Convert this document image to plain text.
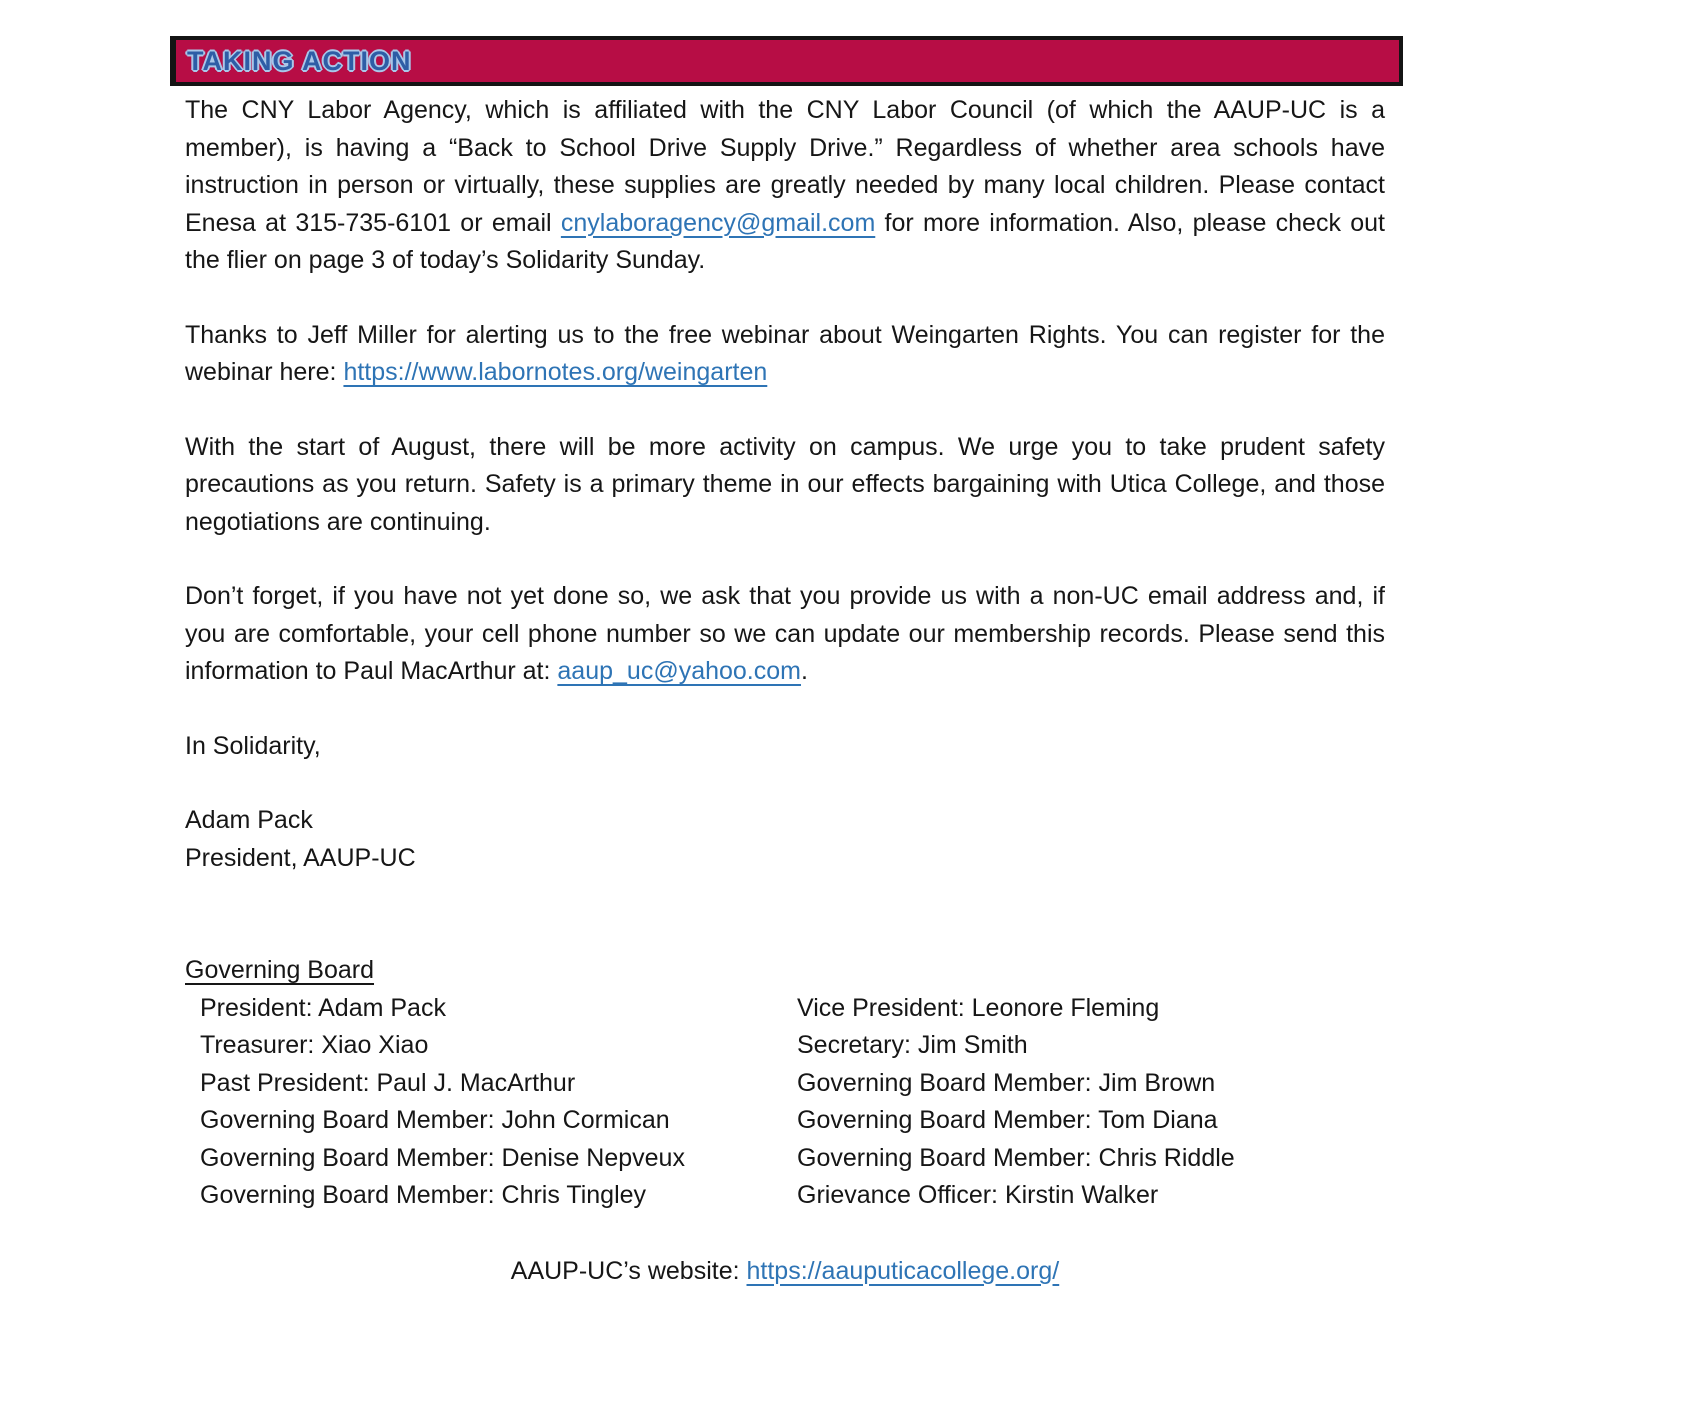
TAKING ACTION

The CNY Labor Agency, which is affiliated with the CNY Labor Council (of which the AAUP-UC is a member), is having a “Back to School Drive Supply Drive.” Regardless of whether area schools have instruction in person or virtually, these supplies are greatly needed by many local children. Please contact Enesa at 315-735-6101 or email cnylaboragency@gmail.com for more information. Also, please check out the flier on page 3 of today’s Solidarity Sunday.

Thanks to Jeff Miller for alerting us to the free webinar about Weingarten Rights. You can register for the webinar here: https://www.labornotes.org/weingarten

With the start of August, there will be more activity on campus. We urge you to take prudent safety precautions as you return. Safety is a primary theme in our effects bargaining with Utica College, and those negotiations are continuing.

Don’t forget, if you have not yet done so, we ask that you provide us with a non-UC email address and, if you are comfortable, your cell phone number so we can update our membership records. Please send this information to Paul MacArthur at: aaup_uc@yahoo.com.

In Solidarity,

Adam Pack
President, AAUP-UC
Governing Board
President: Adam Pack
Treasurer: Xiao Xiao
Past President: Paul J. MacArthur
Governing Board Member: John Cormican
Governing Board Member: Denise Nepveux
Governing Board Member: Chris Tingley
Vice President: Leonore Fleming
Secretary: Jim Smith
Governing Board Member: Jim Brown
Governing Board Member: Tom Diana
Governing Board Member: Chris Riddle
Grievance Officer: Kirstin Walker
AAUP-UC’s website: https://aauputicacollege.org/
